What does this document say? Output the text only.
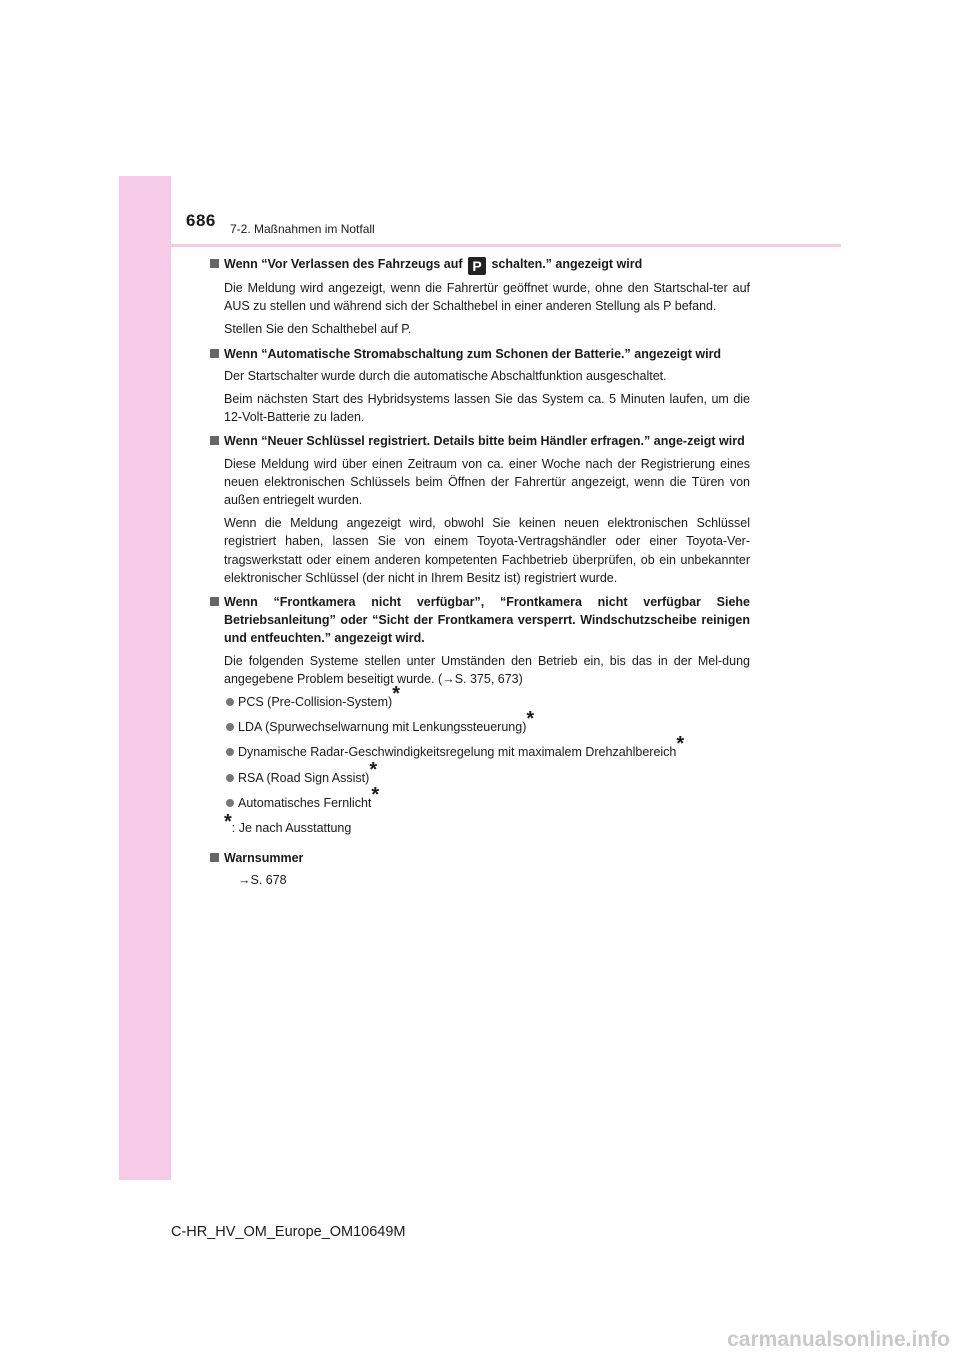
686 7-2. Maßnahmen im Notfall
Wenn “Vor Verlassen des Fahrzeugs auf P schalten.” angezeigt wird

Die Meldung wird angezeigt, wenn die Fahrertür geöffnet wurde, ohne den Startschal-ter auf AUS zu stellen und während sich der Schalthebel in einer anderen Stellung als P befand.

Stellen Sie den Schalthebel auf P.

Wenn “Automatische Stromabschaltung zum Schonen der Batterie.” angezeigt wird

Der Startschalter wurde durch die automatische Abschaltfunktion ausgeschaltet.

Beim nächsten Start des Hybridsystems lassen Sie das System ca. 5 Minuten laufen, um die 12-Volt-Batterie zu laden.

Wenn “Neuer Schlüssel registriert. Details bitte beim Händler erfragen.” ange-zeigt wird

Diese Meldung wird über einen Zeitraum von ca. einer Woche nach der Registrierung eines neuen elektronischen Schlüssels beim Öffnen der Fahrertür angezeigt, wenn die Türen von außen entriegelt wurden.

Wenn die Meldung angezeigt wird, obwohl Sie keinen neuen elektronischen Schlüssel registriert haben, lassen Sie von einem Toyota-Vertragshändler oder einer Toyota-Ver-tragswerkstatt oder einem anderen kompetenten Fachbetrieb überprüfen, ob ein unbekannter elektronischer Schlüssel (der nicht in Ihrem Besitz ist) registriert wurde.

Wenn “Frontkamera nicht verfügbar”, “Frontkamera nicht verfügbar Siehe Betriebsanleitung” oder “Sicht der Frontkamera versperrt. Windschutzscheibe reinigen und entfeuchten.” angezeigt wird.

Die folgenden Systeme stellen unter Umständen den Betrieb ein, bis das in der Mel-dung angegebene Problem beseitigt wurde. (→S. 375, 673)

PCS (Pre-Collision-System)*
LDA (Spurwechselwarnung mit Lenkungssteuerung)*
Dynamische Radar-Geschwindigkeitsregelung mit maximalem Drehzahlbereich*
RSA (Road Sign Assist)*
Automatisches Fernlicht*
*: Je nach Ausstattung
Warnsummer
→S. 678
C-HR_HV_OM_Europe_OM10649M
carmanualsonline.info
